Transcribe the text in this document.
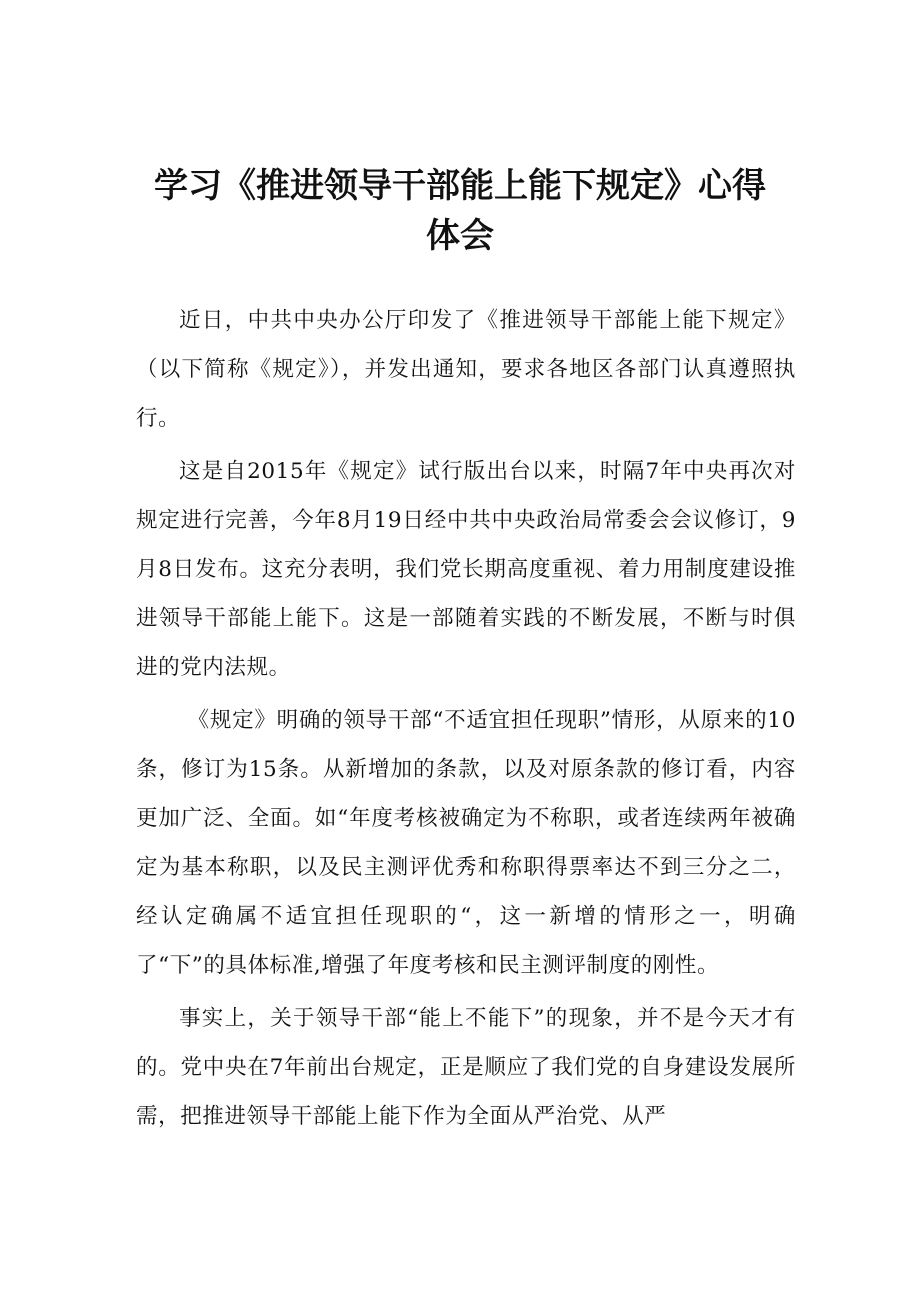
学习《推进领导干部能上能下规定》心得
体会

近日，中共中央办公厅印发了《推进领导干部能上能下规定》（以下简称《规定》），并发出通知，要求各地区各部门认真遵照执行。

这是自2015年《规定》试行版出台以来，时隔7年中央再次对规定进行完善，今年8月19日经中共中央政治局常委会会议修订，9月8日发布。这充分表明，我们党长期高度重视、着力用制度建设推进领导干部能上能下。这是一部随着实践的不断发展，不断与时俱进的党内法规。

《规定》明确的领导干部“不适宜担任现职”情形，从原来的10条，修订为15条。从新增加的条款，以及对原条款的修订看，内容更加广泛、全面。如“年度考核被确定为不称职，或者连续两年被确定为基本称职，以及民主测评优秀和称职得票率达不到三分之二，经认定确属不适宜担任现职的“，这一新增的情形之一，明确了“下”的具体标准,增强了年度考核和民主测评制度的刚性。

事实上，关于领导干部“能上不能下”的现象，并不是今天才有的。党中央在7年前出台规定，正是顺应了我们党的自身建设发展所需，把推进领导干部能上能下作为全面从严治党、从严
